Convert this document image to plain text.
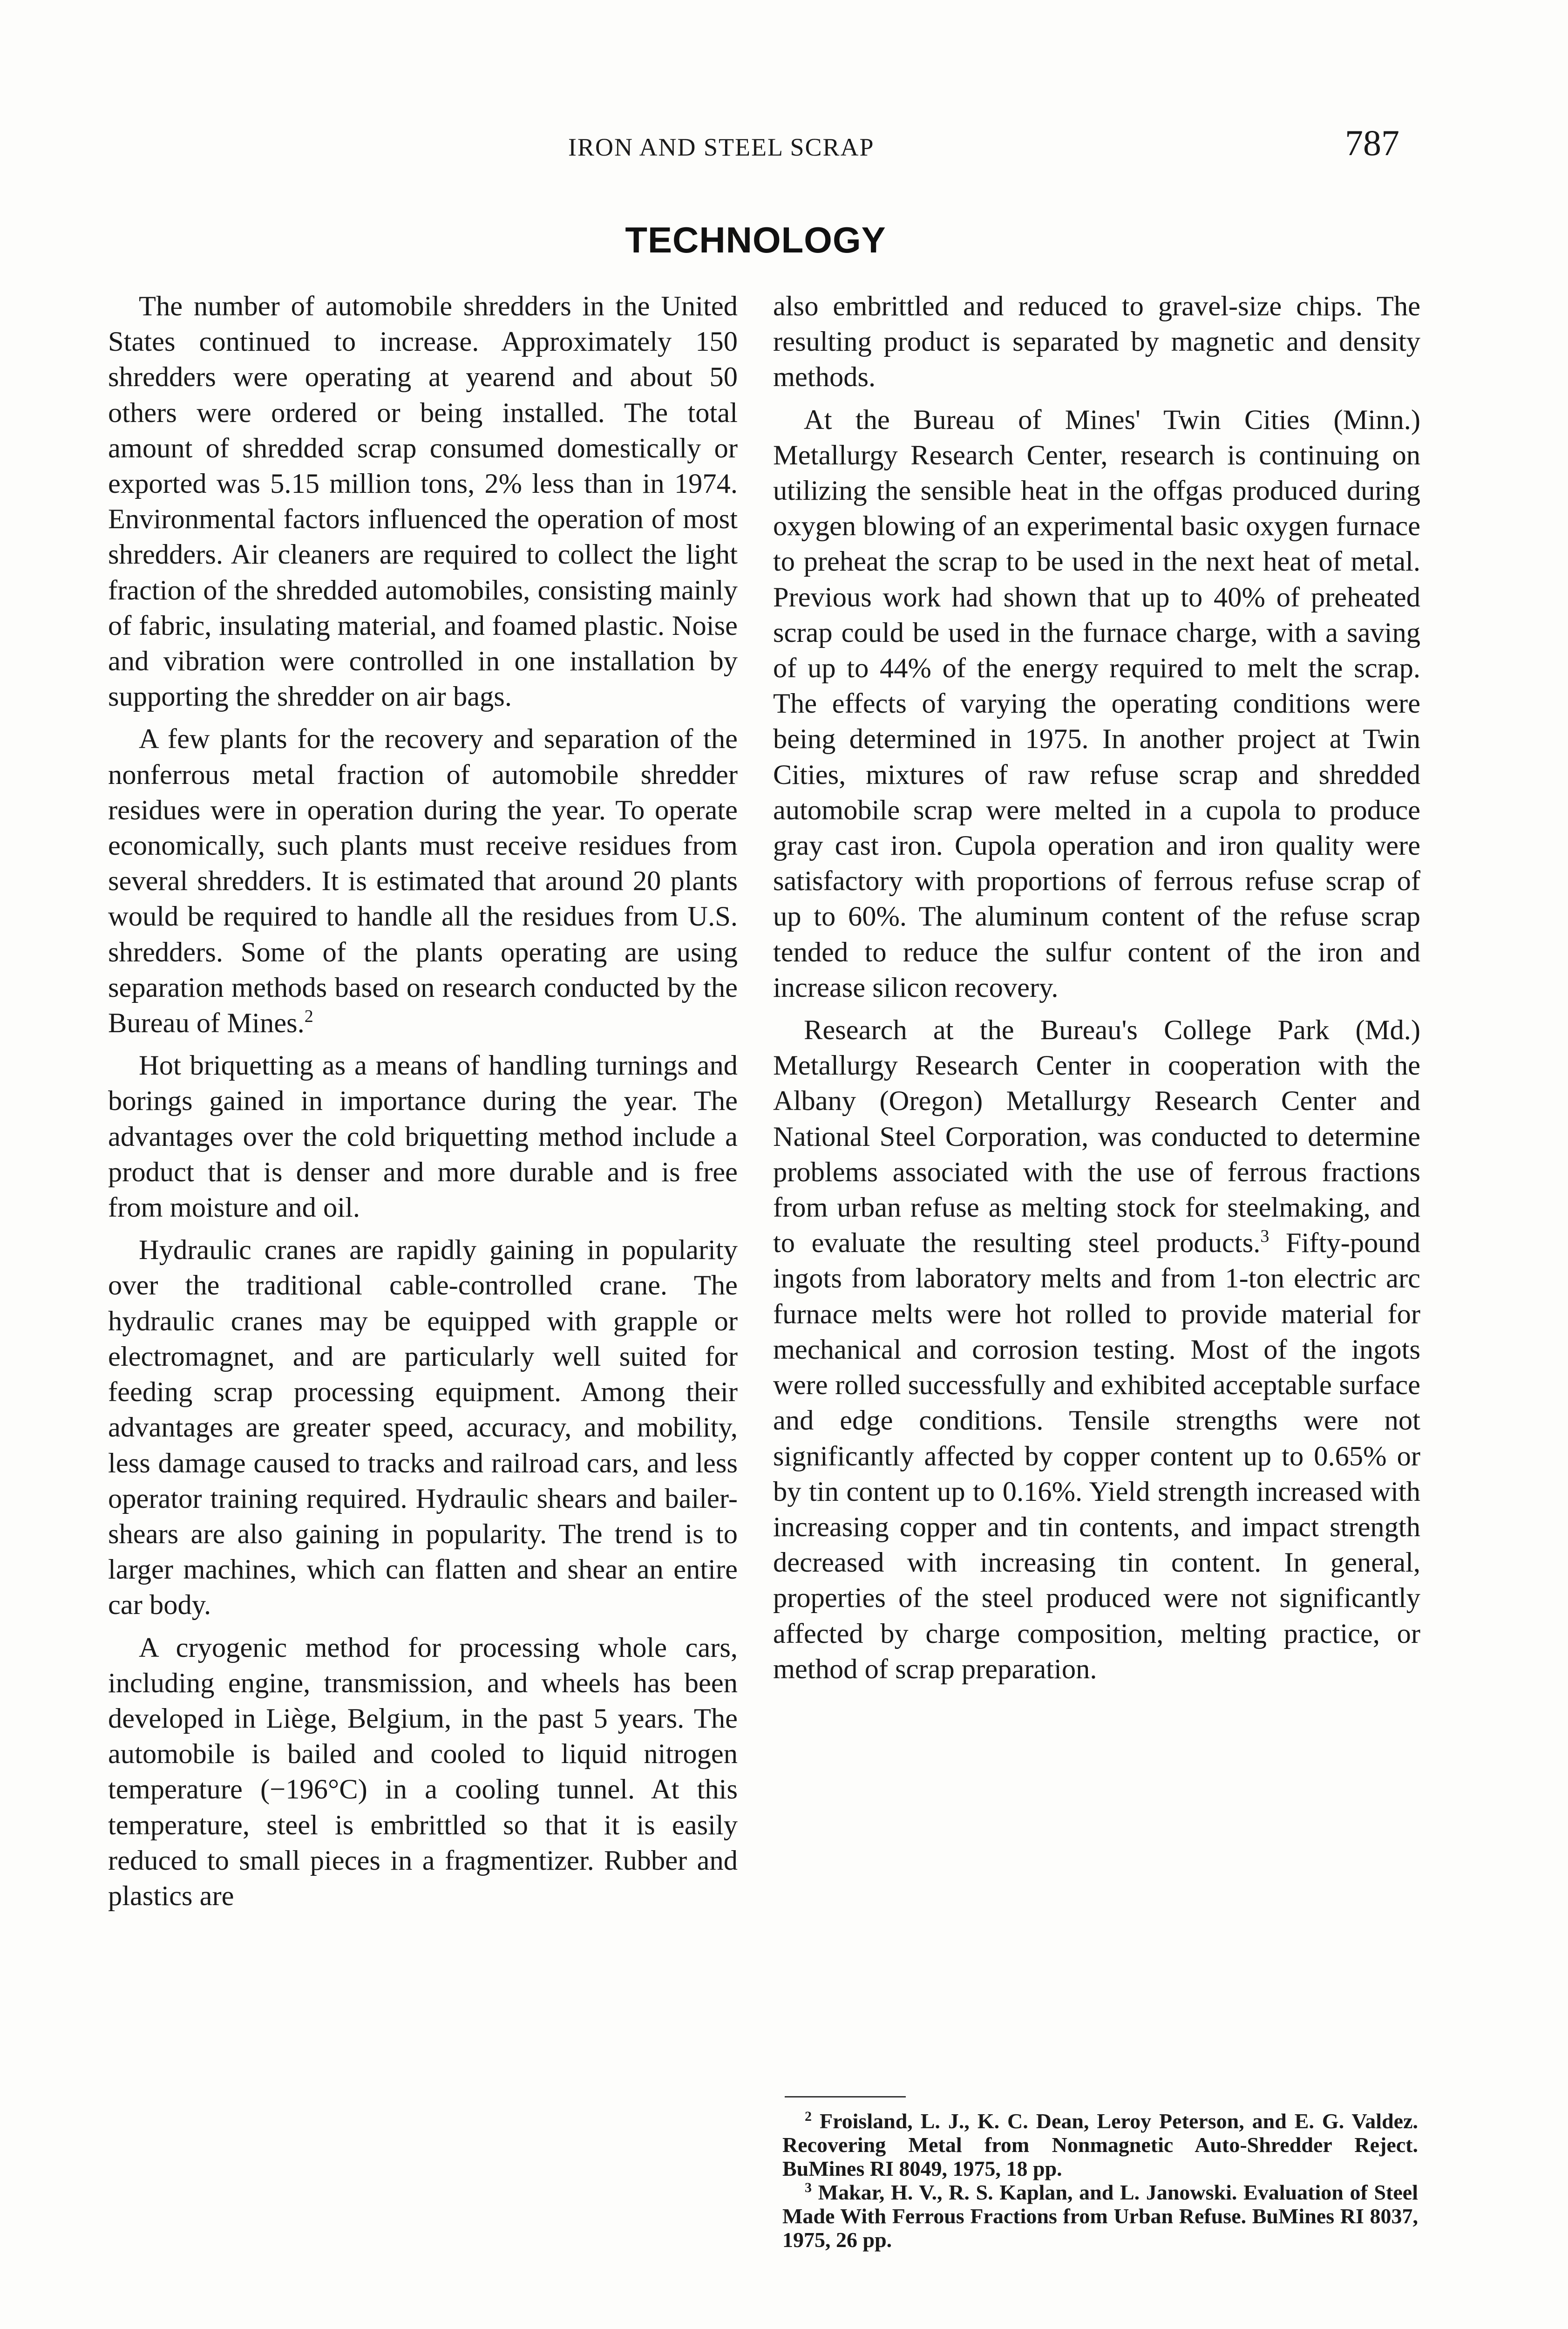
IRON AND STEEL SCRAP	787
TECHNOLOGY

The number of automobile shredders in the United States continued to increase. Approximately 150 shredders were operating at yearend and about 50 others were ordered or being installed. The total amount of shredded scrap consumed domestically or exported was 5.15 million tons, 2% less than in 1974. Environmental factors influenced the operation of most shredders. Air cleaners are required to collect the light fraction of the shredded automobiles, consisting mainly of fabric, insulating material, and foamed plastic. Noise and vibration were controlled in one installation by supporting the shredder on air bags.

A few plants for the recovery and separation of the nonferrous metal fraction of automobile shredder residues were in operation during the year. To operate economically, such plants must receive residues from several shredders. It is estimated that around 20 plants would be required to handle all the residues from U.S. shredders. Some of the plants operating are using separation methods based on research conducted by the Bureau of Mines.$^2$

Hot briquetting as a means of handling turnings and borings gained in importance during the year. The advantages over the cold briquetting method include a product that is denser and more durable and is free from moisture and oil.

Hydraulic cranes are rapidly gaining in popularity over the traditional cable-controlled crane. The hydraulic cranes may be equipped with grapple or electromagnet, and are particularly well suited for feeding scrap processing equipment. Among their advantages are greater speed, accuracy, and mobility, less damage caused to tracks and railroad cars, and less operator training required. Hydraulic shears and bailer-shears are also gaining in popularity. The trend is to larger machines, which can flatten and shear an entire car body.

A cryogenic method for processing whole cars, including engine, transmission, and wheels has been developed in Liège, Belgium, in the past 5 years. The automobile is bailed and cooled to liquid nitrogen temperature (−196°C) in a cooling tunnel. At this temperature, steel is embrittled so that it is easily reduced to small pieces in a fragmentizer. Rubber and plastics are

also embrittled and reduced to gravel-size chips. The resulting product is separated by magnetic and density methods.

At the Bureau of Mines' Twin Cities (Minn.) Metallurgy Research Center, research is continuing on utilizing the sensible heat in the offgas produced during oxygen blowing of an experimental basic oxygen furnace to preheat the scrap to be used in the next heat of metal. Previous work had shown that up to 40% of preheated scrap could be used in the furnace charge, with a saving of up to 44% of the energy required to melt the scrap. The effects of varying the operating conditions were being determined in 1975. In another project at Twin Cities, mixtures of raw refuse scrap and shredded automobile scrap were melted in a cupola to produce gray cast iron. Cupola operation and iron quality were satisfactory with proportions of ferrous refuse scrap of up to 60%. The aluminum content of the refuse scrap tended to reduce the sulfur content of the iron and increase silicon recovery.

Research at the Bureau's College Park (Md.) Metallurgy Research Center in cooperation with the Albany (Oregon) Metallurgy Research Center and National Steel Corporation, was conducted to determine problems associated with the use of ferrous fractions from urban refuse as melting stock for steelmaking, and to evaluate the resulting steel products.$^3$ Fifty-pound ingots from laboratory melts and from 1-ton electric arc furnace melts were hot rolled to provide material for mechanical and corrosion testing. Most of the ingots were rolled successfully and exhibited acceptable surface and edge conditions. Tensile strengths were not significantly affected by copper content up to 0.65% or by tin content up to 0.16%. Yield strength increased with increasing copper and tin contents, and impact strength decreased with increasing tin content. In general, properties of the steel produced were not significantly affected by charge composition, melting practice, or method of scrap preparation.

$^2$ Froisland, L. J., K. C. Dean, Leroy Peterson, and E. G. Valdez. Recovering Metal from Nonmagnetic Auto-Shredder Reject. BuMines RI 8049, 1975, 18 pp.

$^3$ Makar, H. V., R. S. Kaplan, and L. Janowski. Evaluation of Steel Made With Ferrous Fractions from Urban Refuse. BuMines RI 8037, 1975, 26 pp.
